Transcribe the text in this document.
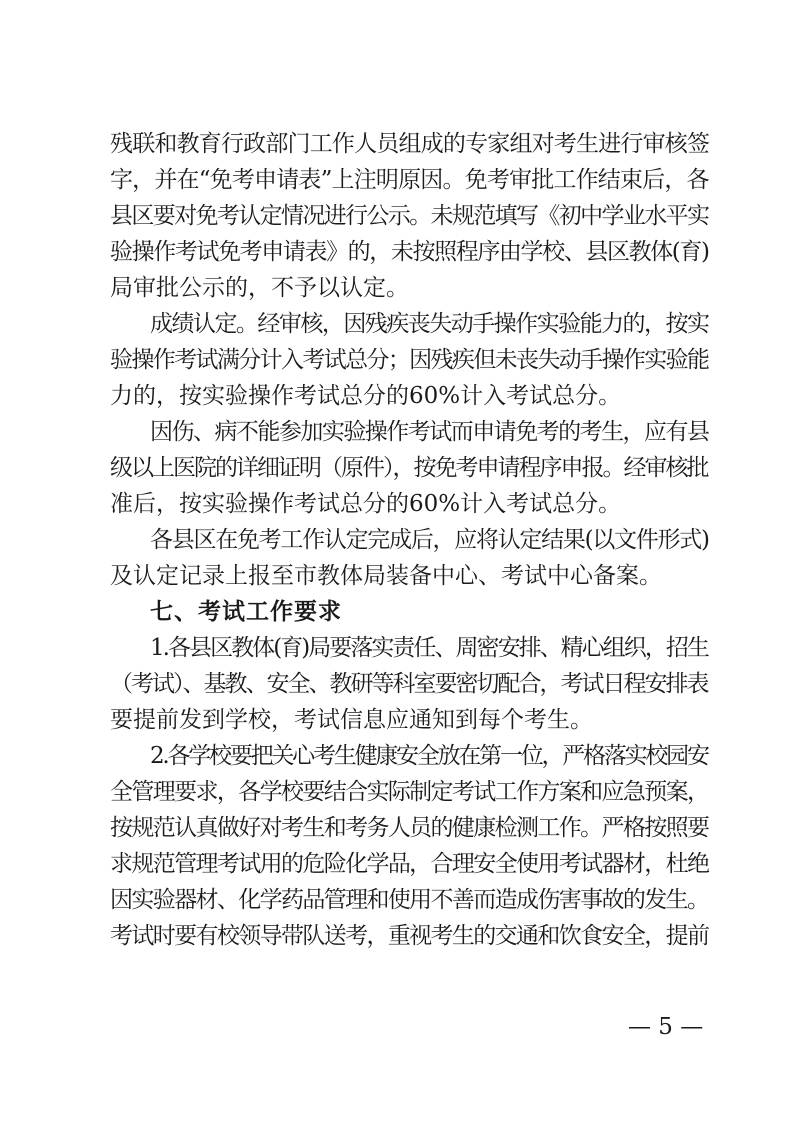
残联和教育行政部门工作人员组成的专家组对考生进行审核签
字，并在“免考申请表”上注明原因。免考审批工作结束后，各
县区要对免考认定情况进行公示。未规范填写《初中学业水平实
验操作考试免考申请表》的，未按照程序由学校、县区教体(育)
局审批公示的，不予以认定。
成绩认定。经审核，因残疾丧失动手操作实验能力的，按实
验操作考试满分计入考试总分；因残疾但未丧失动手操作实验能
力的，按实验操作考试总分的60%计入考试总分。
因伤、病不能参加实验操作考试而申请免考的考生，应有县
级以上医院的详细证明（原件），按免考申请程序申报。经审核批
准后，按实验操作考试总分的60%计入考试总分。
各县区在免考工作认定完成后，应将认定结果(以文件形式)
及认定记录上报至市教体局装备中心、考试中心备案。
七、考试工作要求
1.各县区教体(育)局要落实责任、周密安排、精心组织，招生
（考试）、基教、安全、教研等科室要密切配合，考试日程安排表
要提前发到学校，考试信息应通知到每个考生。
2.各学校要把关心考生健康安全放在第一位，严格落实校园安
全管理要求，各学校要结合实际制定考试工作方案和应急预案，
按规范认真做好对考生和考务人员的健康检测工作。严格按照要
求规范管理考试用的危险化学品，合理安全使用考试器材，杜绝
因实验器材、化学药品管理和使用不善而造成伤害事故的发生。
考试时要有校领导带队送考，重视考生的交通和饮食安全，提前
— 5 —
